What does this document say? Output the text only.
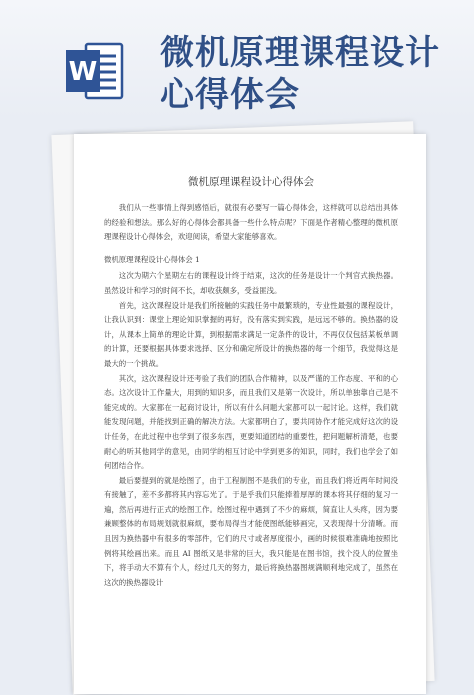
W 微机原理课程设计心得体会
微机原理课程设计心得体会

我们从一些事情上得到感悟后，就很有必要写一篇心得体会，这样就可以总结出具体的经验和想法。那么好的心得体会都具备一些什么特点呢？下面是作者精心整理的微机原理课程设计心得体会，欢迎阅读，希望大家能够喜欢。

微机原理课程设计心得体会 1

这次为期六个星期左右的课程设计终于结束，这次的任务是设计一个判官式换热器。虽然设计和学习的时间不长，却收获颇多，受益匪浅。

首先，这次课程设计是我们所接触的实践任务中最繁琐的，专业性最强的课程设计，让我认识到：课堂上理论知识掌握的再好，没有落实到实践，是远远不够的。换热器的设计，从课本上简单的理论计算，到根据需求满足一定条件的设计，不再仅仅包括某板单调的计算，还要根据具体要求选择、区分和确定所设计的换热器的每一个细节，我觉得这是最大的一个挑战。

其次，这次课程设计还考验了我们的团队合作精神，以及严谨的工作态度、平和的心态。这次设计工作量大，用到的知识多，而且我们又是第一次设计，所以单独靠自己是不能完成的。大家都在一起商讨设计，所以有什么问题大家都可以一起讨论。这样，我们就能发现问题，并能找到正确的解决方法。大家都明白了，要共同协作才能完成好这次的设计任务，在此过程中也学到了很多东西，更要知道团结的重要性，把问题解析清楚，也要耐心的听其他同学的意见，由同学的相互讨论中学到更多的知识，同时，我们也学会了如何团结合作。

最后要提到的就是绘图了，由于工程制图不是我们的专业，而且我们将近两年时间没有接触了，差不多都将其内容忘光了。于是乎我们只能捧着厚厚的课本将其仔细的复习一遍，然后再进行正式的绘图工作。绘图过程中遇到了不少的麻烦，简直让人头疼，因为要兼顾整体的布局规划就很麻烦，要布局得当才能使图纸能够画完，又表现得十分清晰。而且因为换热器中有很多的零部件，它们的尺寸或者厚度很小，画的时候很难准确地按照比例将其绘画出来。而且 AI 图纸又是非常的巨大，我只能是在图书馆，找个没人的位置坐下，将手动大不算有个人，经过几天的努力，最后将换热器图规满顺利地完成了，虽然在这次的换热器设计
